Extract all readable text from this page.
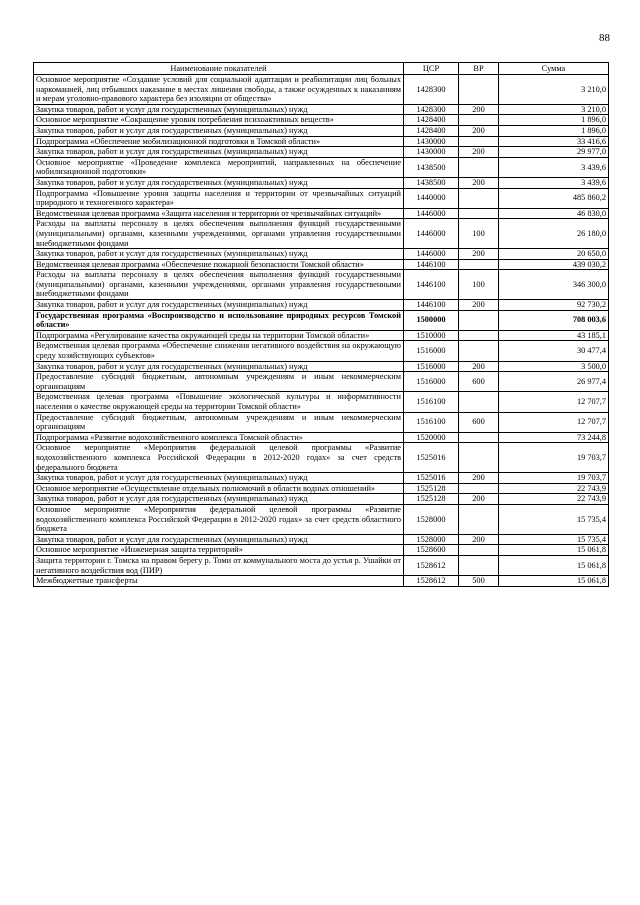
88
Наименование показателей	ЦСР	ВР	Сумма
Основное мероприятие «Создание условий для социальной адаптации и реабилитации лиц больных наркоманией, лиц отбывших наказание в местах лишения свободы, а также осужденных к наказаниям и мерам уголовно-правового характера без изоляции от общества»	1428300		3 210,0
Закупка товаров, работ и услуг для государственных (муниципальных) нужд	1428300	200	3 210,0
Основное мероприятие «Сокращение уровня потребления психоактивных веществ»	1428400		1 896,0
Закупка товаров, работ и услуг для государственных (муниципальных) нужд	1428400	200	1 896,0
Подпрограмма «Обеспечение мобилизационной подготовки в Томской области»	1430000		33 416,6
Закупка товаров, работ и услуг для государственных (муниципальных) нужд	1430000	200	29 977,0
Основное мероприятие «Проведение комплекса мероприятий, направленных на обеспечение мобилизационной подготовки»	1438500		3 439,6
Закупка товаров, работ и услуг для государственных (муниципальных) нужд	1438500	200	3 439,6
Подпрограмма «Повышение уровня защиты населения и территории от чрезвычайных ситуаций природного и техногенного характера»	1440000		485 860,2
Ведомственная целевая программа «Защита населения и территории от чрезвычайных ситуаций»	1446000		46 830,0
Расходы на выплаты персоналу в целях обеспечения выполнения функций государственными (муниципальными) органами, казенными учреждениями, органами управления государственными внебюджетными фондами	1446000	100	26 180,0
Закупка товаров, работ и услуг для государственных (муниципальных) нужд	1446000	200	20 650,0
Ведомственная целевая программа «Обеспечение пожарной безопасности Томской области»	1446100		439 030,2
Расходы на выплаты персоналу в целях обеспечения выполнения функций государственными (муниципальными) органами, казенными учреждениями, органами управления государственными внебюджетными фондами	1446100	100	346 300,0
Закупка товаров, работ и услуг для государственных (муниципальных) нужд	1446100	200	92 730,2
Государственная программа «Воспроизводство и использование природных ресурсов Томской области»	1500000		708 003,6
Подпрограмма «Регулирование качества окружающей среды на территории Томской области»	1510000		43 185,1
Ведомственная целевая программа «Обеспечение снижения негативного воздействия на окружающую среду хозяйствующих субъектов»	1516000		30 477,4
Закупка товаров, работ и услуг для государственных (муниципальных) нужд	1516000	200	3 500,0
Предоставление субсидий бюджетным, автономным учреждениям и иным некоммерческим организациям	1516000	600	26 977,4
Ведомственная целевая программа «Повышение экологической культуры и информативности населения о качестве окружающей среды на территории Томской области»	1516100		12 707,7
Предоставление субсидий бюджетным, автономным учреждениям и иным некоммерческим организациям	1516100	600	12 707,7
Подпрограмма «Развитие водохозяйственного комплекса Томской области»	1520000		73 244,8
Основное мероприятие «Мероприятия федеральной целевой программы «Развитие водохозяйственного комплекса Российской Федерации в 2012-2020 годах» за счет средств федерального бюджета	1525016		19 703,7
Закупка товаров, работ и услуг для государственных (муниципальных) нужд	1525016	200	19 703,7
Основное мероприятие «Осуществление отдельных полномочий в области водных отношений»	1525128		22 743,9
Закупка товаров, работ и услуг для государственных (муниципальных) нужд	1525128	200	22 743,9
Основное мероприятие «Мероприятия федеральной целевой программы «Развитие водохозяйственного комплекса Российской Федерации в 2012-2020 годах» за счет средств областного бюджета	1528000		15 735,4
Закупка товаров, работ и услуг для государственных (муниципальных) нужд	1528000	200	15 735,4
Основное мероприятие «Инженерная защита территорий»	1528600		15 061,8
Защита территории г. Томска на правом берегу р. Томи от коммунального моста до устья р. Ушайки от негативного воздействия вод (ПИР)	1528612		15 061,8
Межбюджетные трансферты	1528612	500	15 061,8
